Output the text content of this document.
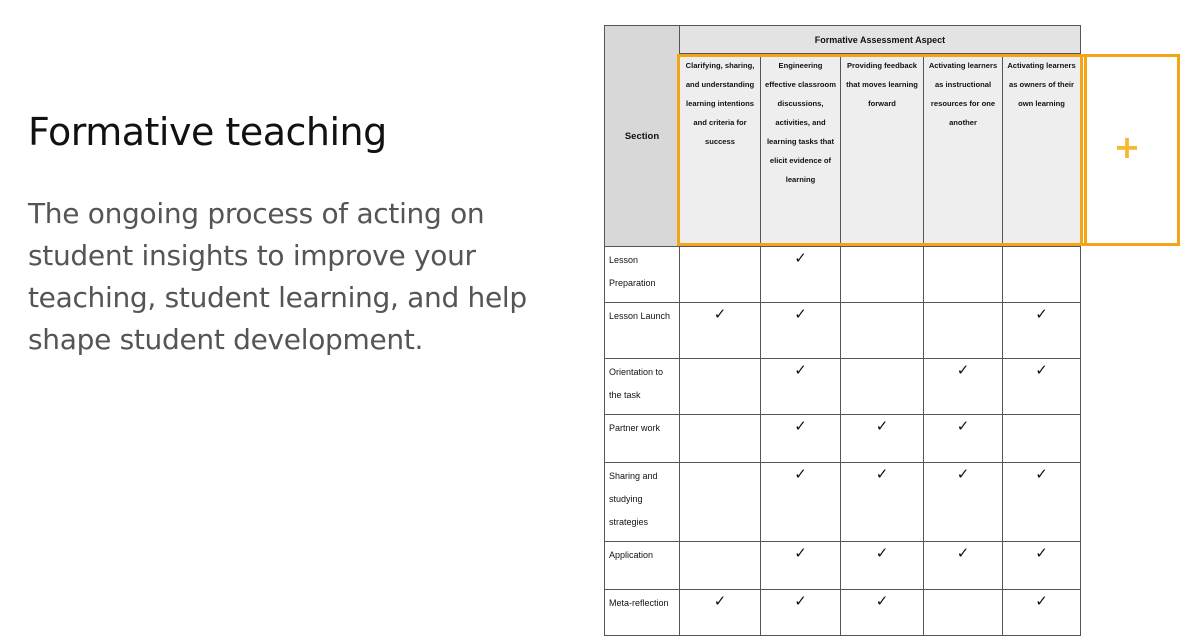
Formative teaching

The ongoing process of acting on student insights to improve your teaching, student learning, and help shape student development.

Section	Formative Assessment Aspect				
	Clarifying, sharing, and understanding learning intentions and criteria for success	Engineering effective classroom discussions, activities, and learning tasks that elicit evidence of learning	Providing feedback that moves learning forward	Activating learners as instructional resources for one another	Activating learners as owners of their own learning
Lesson Preparation		✓			
Lesson Launch	✓	✓			✓
Orientation to the task		✓		✓	✓
Partner work		✓	✓	✓	
Sharing and studying strategies		✓	✓	✓	✓
Application		✓	✓	✓	✓
Meta-reflection	✓	✓	✓		✓
+
